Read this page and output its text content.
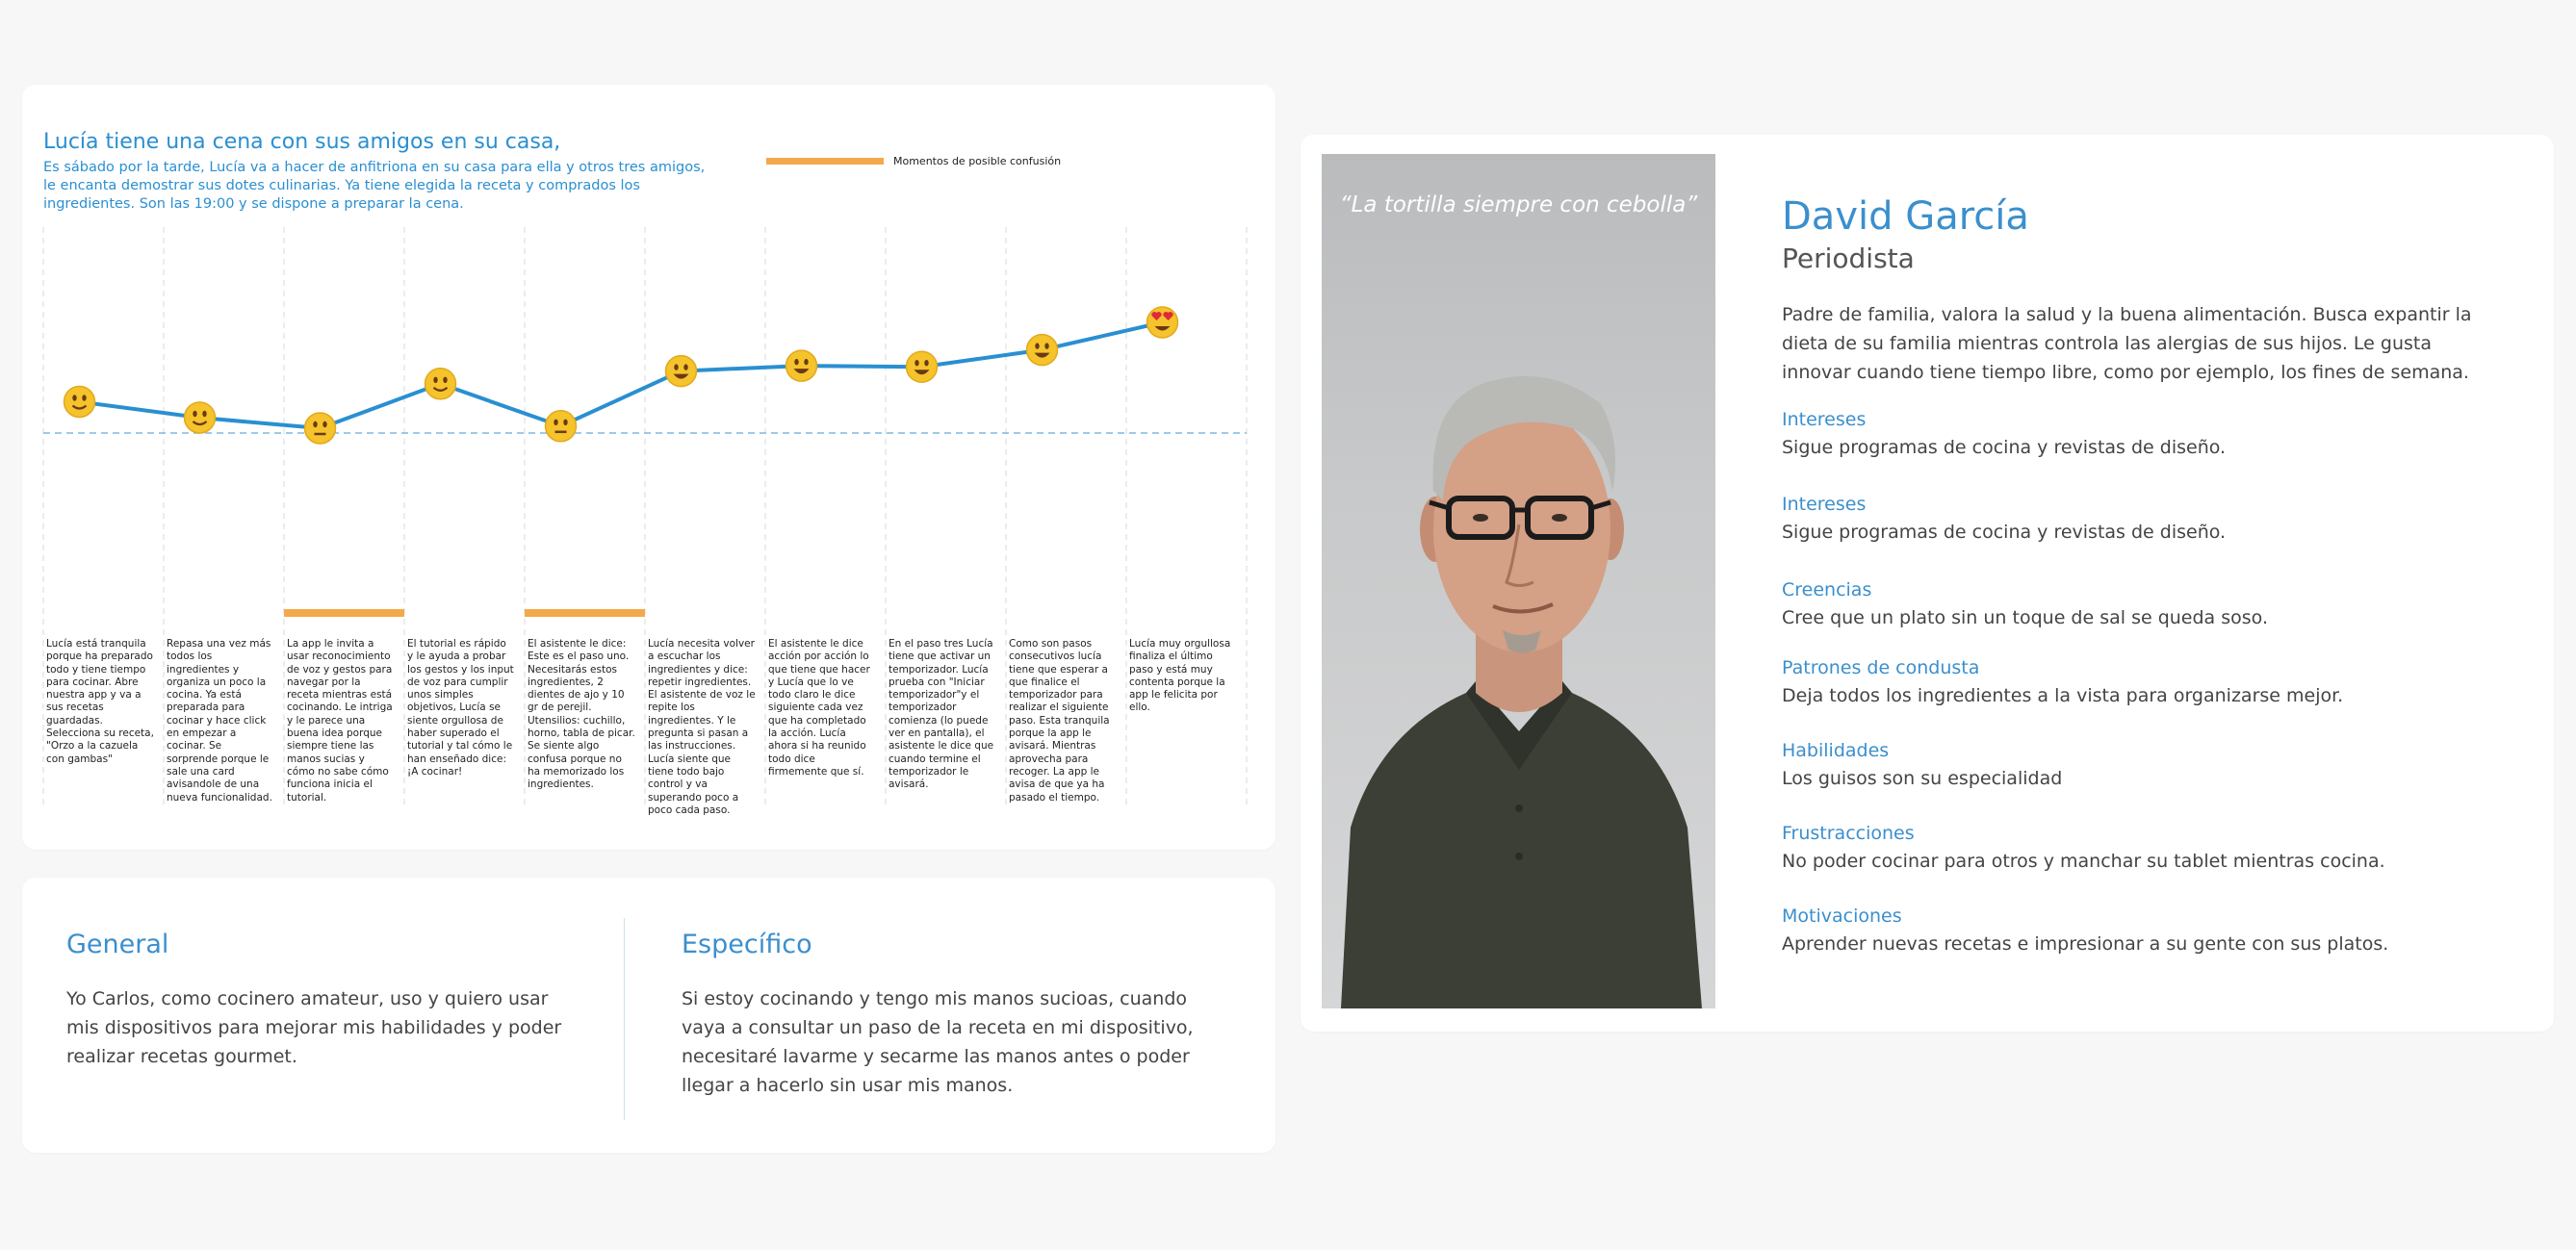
Lucía tiene una cena con sus amigos en su casa,
Es sábado por la tarde, Lucía va a hacer de anfitriona en su casa para ella y otros tres amigos, le encanta demostrar sus dotes culinarias. Ya tiene elegida la receta y comprados los ingredientes. Son las 19:00 y se dispone a preparar la cena.
Momentos de posible confusión
Lucía está tranquila porque ha preparado todo y tiene tiempo para cocinar. Abre nuestra app y va a sus recetas guardadas. Selecciona su receta, "Orzo a la cazuela con gambas"
Repasa una vez más todos los ingredientes y organiza un poco la cocina. Ya está preparada para cocinar y hace click en empezar a cocinar. Se sorprende porque le sale una card avisandole de una nueva funcionalidad.
La app le invita a usar reconocimiento de voz y gestos para navegar por la receta mientras está cocinando. Le intriga y le parece una buena idea porque siempre tiene las manos sucias y cómo no sabe cómo funciona inicia el tutorial.
El tutorial es rápido y le ayuda a probar los gestos y los input de voz para cumplir unos simples objetivos, Lucía se siente orgullosa de haber superado el tutorial y tal cómo le han enseñado dice: ¡A cocinar!
El asistente le dice: Este es el paso uno. Necesitarás estos ingredientes, 2 dientes de ajo y 10 gr de perejil. Utensilios: cuchillo, horno, tabla de picar. Se siente algo confusa porque no ha memorizado los ingredientes.
Lucía necesita volver a escuchar los ingredientes y dice: repetir ingredientes. El asistente de voz le repite los ingredientes. Y le pregunta si pasan a las instrucciones. Lucía siente que tiene todo bajo control y va superando poco a poco cada paso.
El asistente le dice acción por acción lo que tiene que hacer y Lucía que lo ve todo claro le dice siguiente cada vez que ha completado la acción. Lucía ahora si ha reunido todo dice firmemente que sí.
En el paso tres Lucía tiene que activar un temporizador. Lucía prueba con "Iniciar temporizador"y el temporizador comienza (lo puede ver en pantalla), el asistente le dice que cuando termine el temporizador le avisará.
Como son pasos consecutivos lucía tiene que esperar a que finalice el temporizador para realizar el siguiente paso. Esta tranquila porque la app le avisará. Mientras aprovecha para recoger. La app le avisa de que ya ha pasado el tiempo.
Lucía muy orgullosa finaliza el último paso y está muy contenta porque la app le felicita por ello.
General
Yo Carlos, como cocinero amateur, uso y quiero usar mis dispositivos para mejorar mis habilidades y poder realizar recetas gourmet.
Específico
Si estoy cocinando y tengo mis manos sucioas, cuando vaya a consultar un paso de la receta en mi dispositivo, necesitaré lavarme y secarme las manos antes o poder llegar a hacerlo sin usar mis manos.
“La tortilla siempre con cebolla”	David García
Periodista
Padre de familia, valora la salud y la buena alimentación. Busca expantir la dieta de su familia mientras controla las alergias de sus hijos. Le gusta innovar cuando tiene tiempo libre, como por ejemplo, los fines de semana.
Intereses
Sigue programas de cocina y revistas de diseño.
Intereses
Sigue programas de cocina y revistas de diseño.
Creencias
Cree que un plato sin un toque de sal se queda soso.
Patrones de condusta
Deja todos los ingredientes a la vista para organizarse mejor.
Habilidades
Los guisos son su especialidad
Frustracciones
No poder cocinar para otros y manchar su tablet mientras cocina.
Motivaciones
Aprender nuevas recetas e impresionar a su gente con sus platos.
